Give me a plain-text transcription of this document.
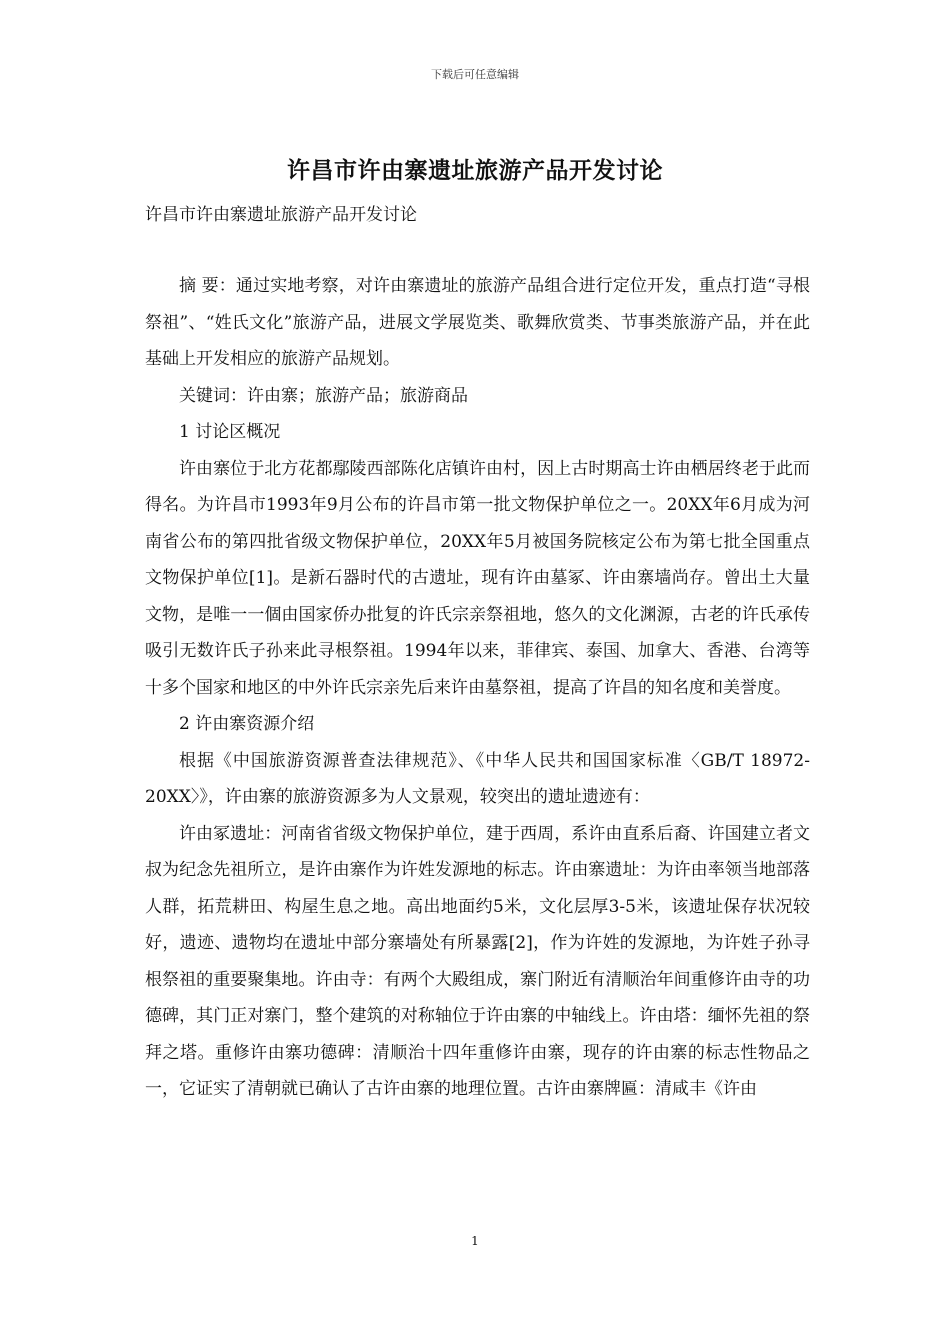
下载后可任意编辑
许昌市许由寨遗址旅游产品开发讨论
许昌市许由寨遗址旅游产品开发讨论

摘 要：通过实地考察，对许由寨遗址的旅游产品组合进行定位开发，重点打造“寻根祭祖”、“姓氏文化”旅游产品，进展文学展览类、歌舞欣赏类、节事类旅游产品，并在此基础上开发相应的旅游产品规划。

关键词：许由寨；旅游产品；旅游商品

1 讨论区概况

许由寨位于北方花都鄢陵西部陈化店镇许由村，因上古时期高士许由栖居终老于此而得名。为许昌市1993年9月公布的许昌市第一批文物保护单位之一。20XX年6月成为河南省公布的第四批省级文物保护单位，20XX年5月被国务院核定公布为第七批全国重点文物保护单位[1]。是新石器时代的古遗址，现有许由墓冢、许由寨墙尚存。曾出土大量文物，是唯一一個由国家侨办批复的许氏宗亲祭祖地，悠久的文化渊源，古老的许氏承传吸引无数许氏子孙来此寻根祭祖。1994年以来，菲律宾、泰国、加拿大、香港、台湾等十多个国家和地区的中外许氏宗亲先后来许由墓祭祖，提高了许昌的知名度和美誉度。

2 许由寨资源介绍

根据《中国旅游资源普查法律规范》、《中华人民共和国国家标准〈GB/T 18972-20XX〉》，许由寨的旅游资源多为人文景观，较突出的遗址遗迹有：

许由冢遗址：河南省省级文物保护单位，建于西周，系许由直系后裔、许国建立者文叔为纪念先祖所立，是许由寨作为许姓发源地的标志。许由寨遗址：为许由率领当地部落人群，拓荒耕田、构屋生息之地。高出地面约5米，文化层厚3-5米，该遗址保存状况较好，遗迹、遗物均在遗址中部分寨墙处有所暴露[2]，作为许姓的发源地，为许姓子孙寻根祭祖的重要聚集地。许由寺：有两个大殿组成，寨门附近有清顺治年间重修许由寺的功德碑，其门正对寨门，整个建筑的对称轴位于许由寨的中轴线上。许由塔：缅怀先祖的祭拜之塔。重修许由寨功德碑：清顺治十四年重修许由寨，现存的许由寨的标志性物品之一，它证实了清朝就已确认了古许由寨的地理位置。古许由寨牌匾：清咸丰《许由

1
